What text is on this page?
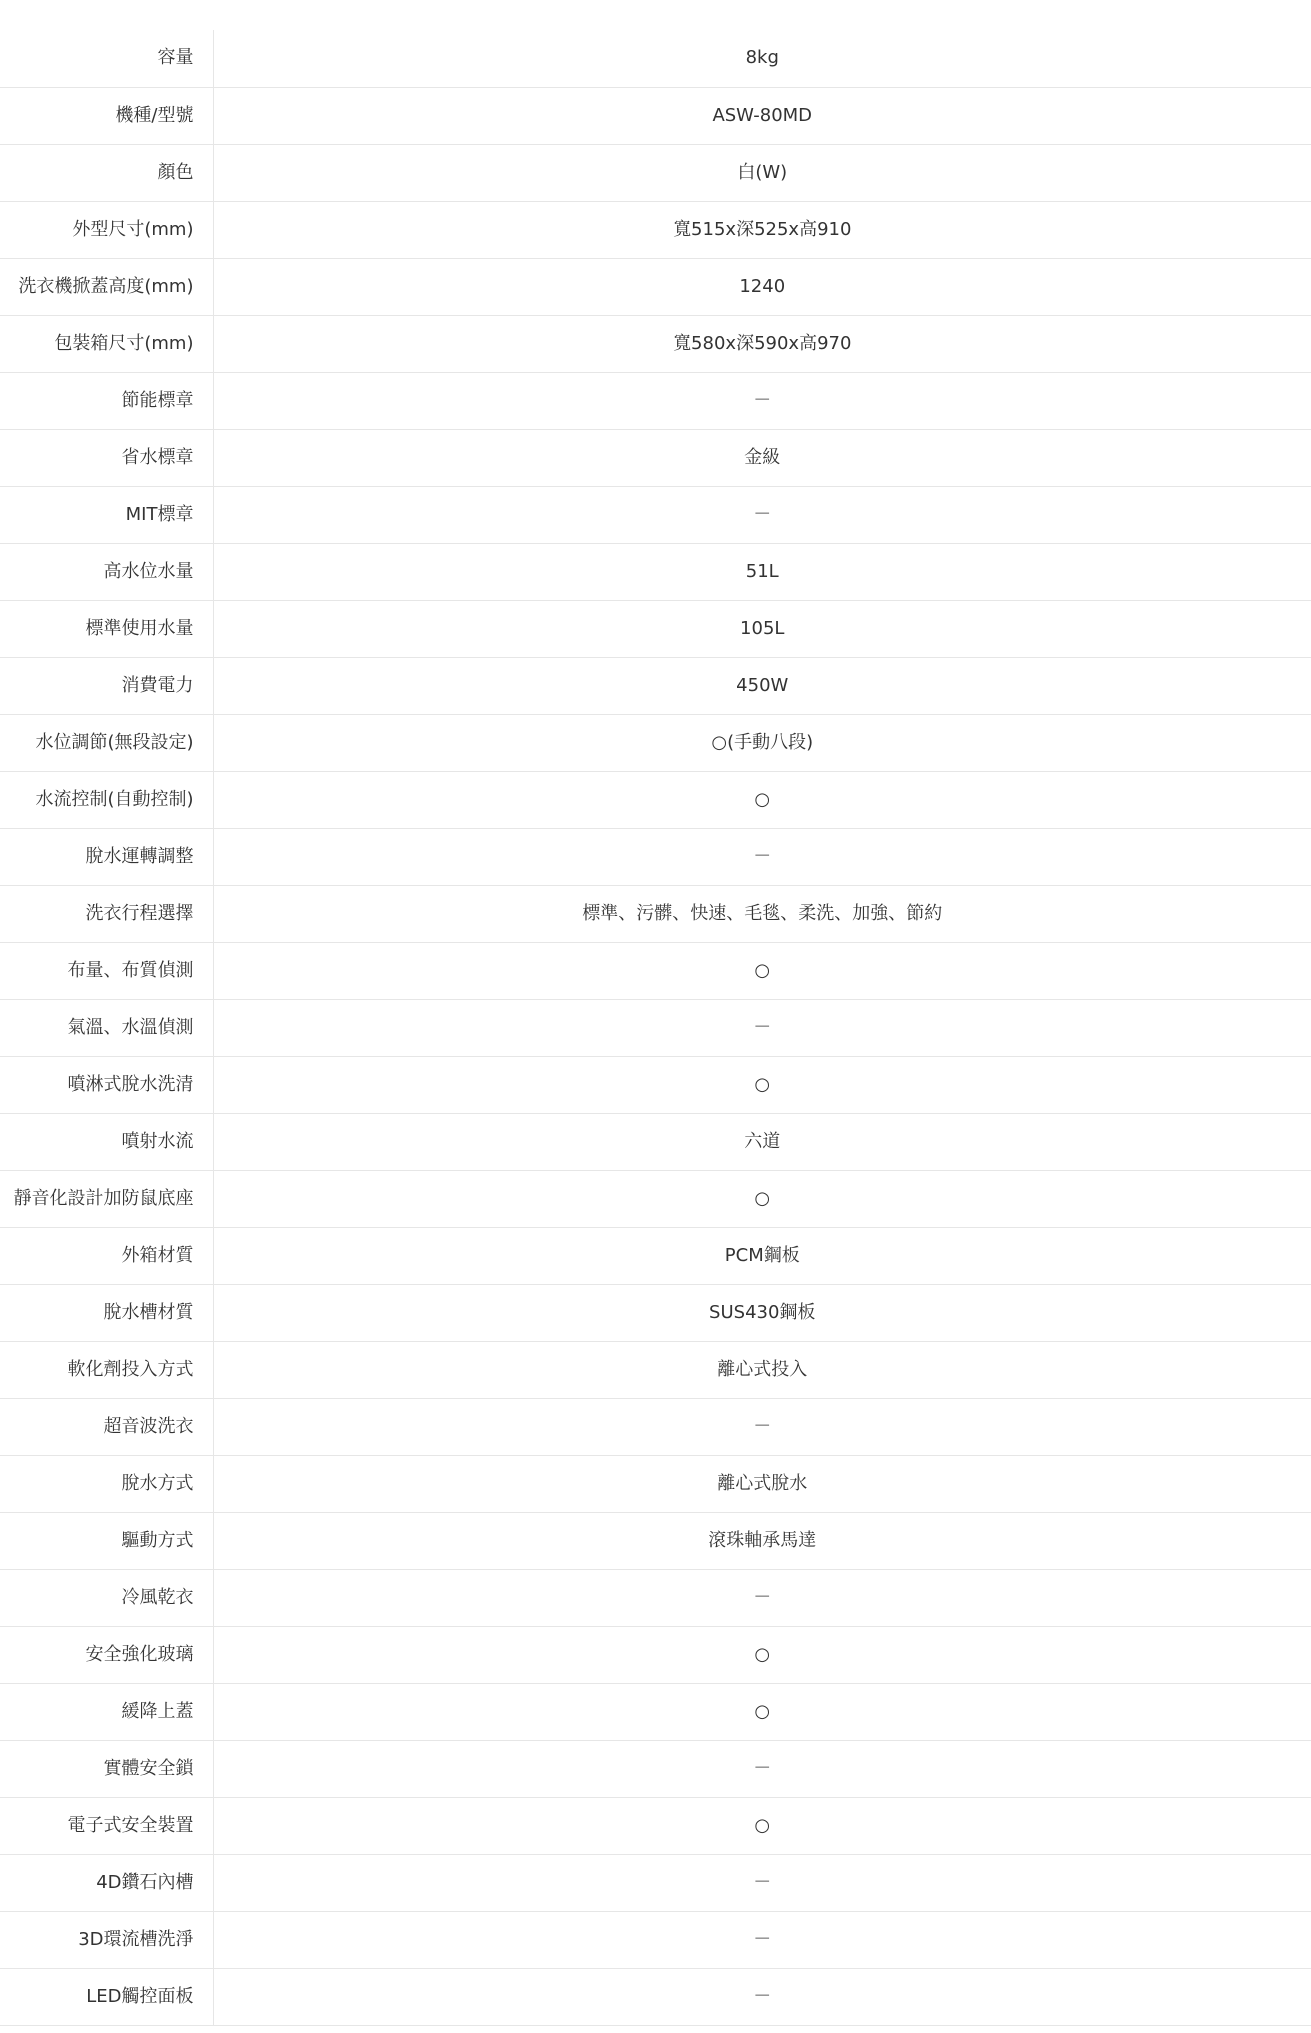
容量	8kg
機種/型號	ASW-80MD
顏色	白(W)
外型尺寸(mm)	寬515x深525x高910
洗衣機掀蓋高度(mm)	1240
包裝箱尺寸(mm)	寬580x深590x高970
節能標章	－
省水標章	金級
MIT標章	－
高水位水量	51L
標準使用水量	105L
消費電力	450W
水位調節(無段設定)	○(手動八段)
水流控制(自動控制)	○
脫水運轉調整	－
洗衣行程選擇	標準、污髒、快速、毛毯、柔洗、加強、節約
布量、布質偵測	○
氣溫、水溫偵測	－
噴淋式脫水洗清	○
噴射水流	六道
靜音化設計加防鼠底座	○
外箱材質	PCM鋼板
脫水槽材質	SUS430鋼板
軟化劑投入方式	離心式投入
超音波洗衣	－
脫水方式	離心式脫水
驅動方式	滾珠軸承馬達
冷風乾衣	－
安全強化玻璃	○
緩降上蓋	○
實體安全鎖	－
電子式安全裝置	○
4D鑽石內槽	－
3D環流槽洗淨	－
LED觸控面板	－
